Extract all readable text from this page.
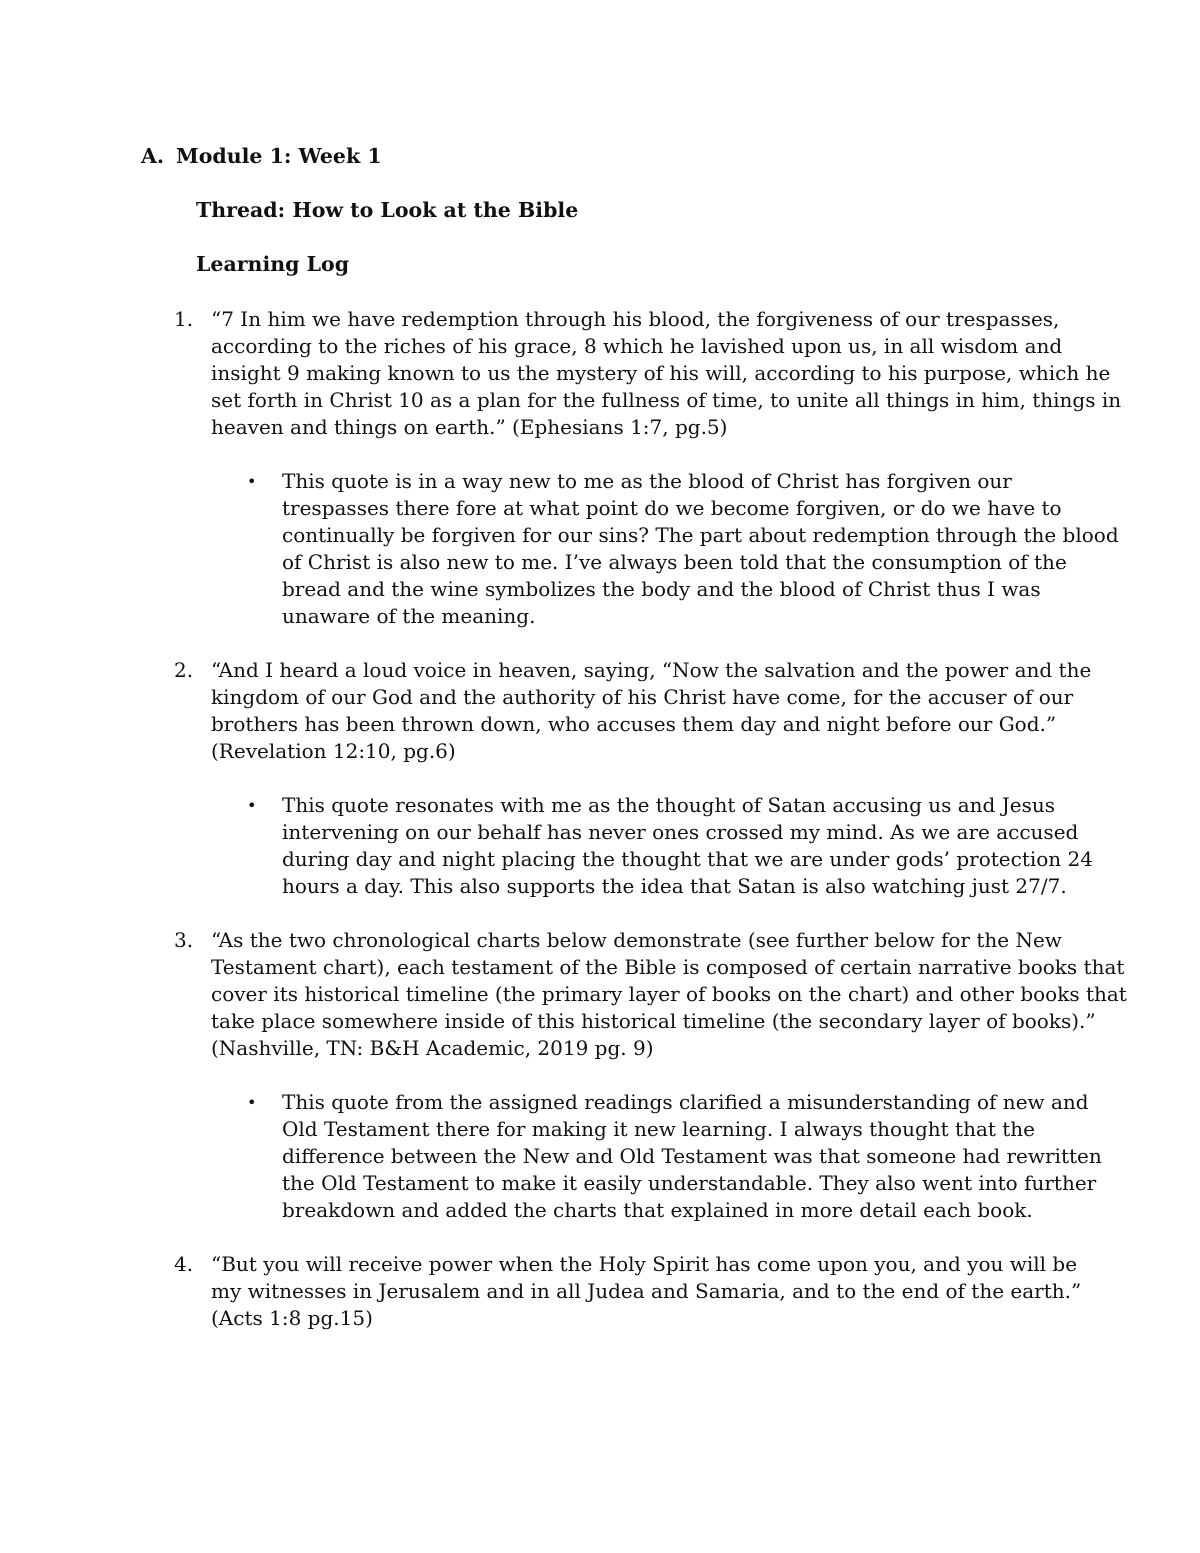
A. Module 1: Week 1
Thread: How to Look at the Bible
Learning Log
1. “7 In him we have redemption through his blood, the forgiveness of our trespasses,
according to the riches of his grace, 8 which he lavished upon us, in all wisdom and
insight 9 making known to us the mystery of his will, according to his purpose, which he
set forth in Christ 10 as a plan for the fullness of time, to unite all things in him, things in
heaven and things on earth.” (Ephesians 1:7, pg.5)
• This quote is in a way new to me as the blood of Christ has forgiven our
trespasses there fore at what point do we become forgiven, or do we have to
continually be forgiven for our sins? The part about redemption through the blood
of Christ is also new to me. I’ve always been told that the consumption of the
bread and the wine symbolizes the body and the blood of Christ thus I was
unaware of the meaning.
2. “And I heard a loud voice in heaven, saying, “Now the salvation and the power and the
kingdom of our God and the authority of his Christ have come, for the accuser of our
brothers has been thrown down, who accuses them day and night before our God.”
(Revelation 12:10, pg.6)
• This quote resonates with me as the thought of Satan accusing us and Jesus
intervening on our behalf has never ones crossed my mind. As we are accused
during day and night placing the thought that we are under gods’ protection 24
hours a day. This also supports the idea that Satan is also watching just 27/7.
3. “As the two chronological charts below demonstrate (see further below for the New
Testament chart), each testament of the Bible is composed of certain narrative books that
cover its historical timeline (the primary layer of books on the chart) and other books that
take place somewhere inside of this historical timeline (the secondary layer of books).”
(Nashville, TN: B&H Academic, 2019 pg. 9)
• This quote from the assigned readings clarified a misunderstanding of new and
Old Testament there for making it new learning. I always thought that the
difference between the New and Old Testament was that someone had rewritten
the Old Testament to make it easily understandable. They also went into further
breakdown and added the charts that explained in more detail each book.
4. “But you will receive power when the Holy Spirit has come upon you, and you will be
my witnesses in Jerusalem and in all Judea and Samaria, and to the end of the earth.”
(Acts 1:8 pg.15)
